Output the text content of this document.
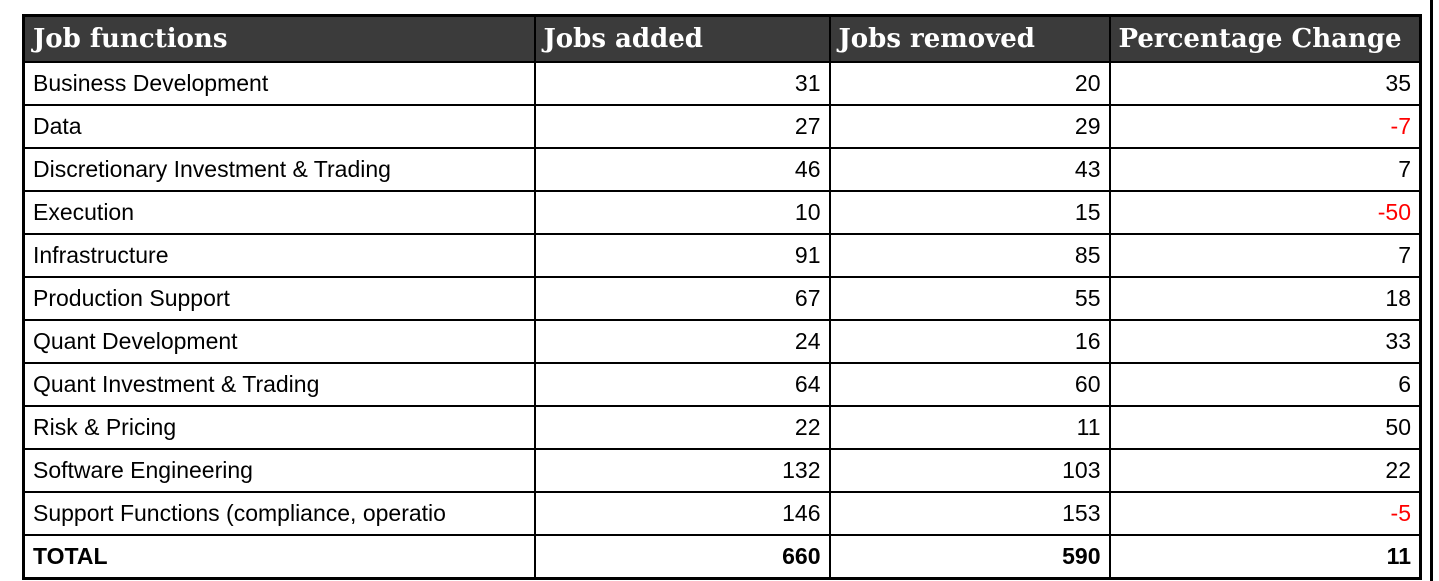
Job functions	Jobs added	Jobs removed	Percentage Change
Business Development	31	20	35
Data	27	29	-7
Discretionary Investment & Trading	46	43	7
Execution	10	15	-50
Infrastructure	91	85	7
Production Support	67	55	18
Quant Development	24	16	33
Quant Investment & Trading	64	60	6
Risk & Pricing	22	11	50
Software Engineering	132	103	22
Support Functions (compliance, operatio	146	153	-5
TOTAL	660	590	11
